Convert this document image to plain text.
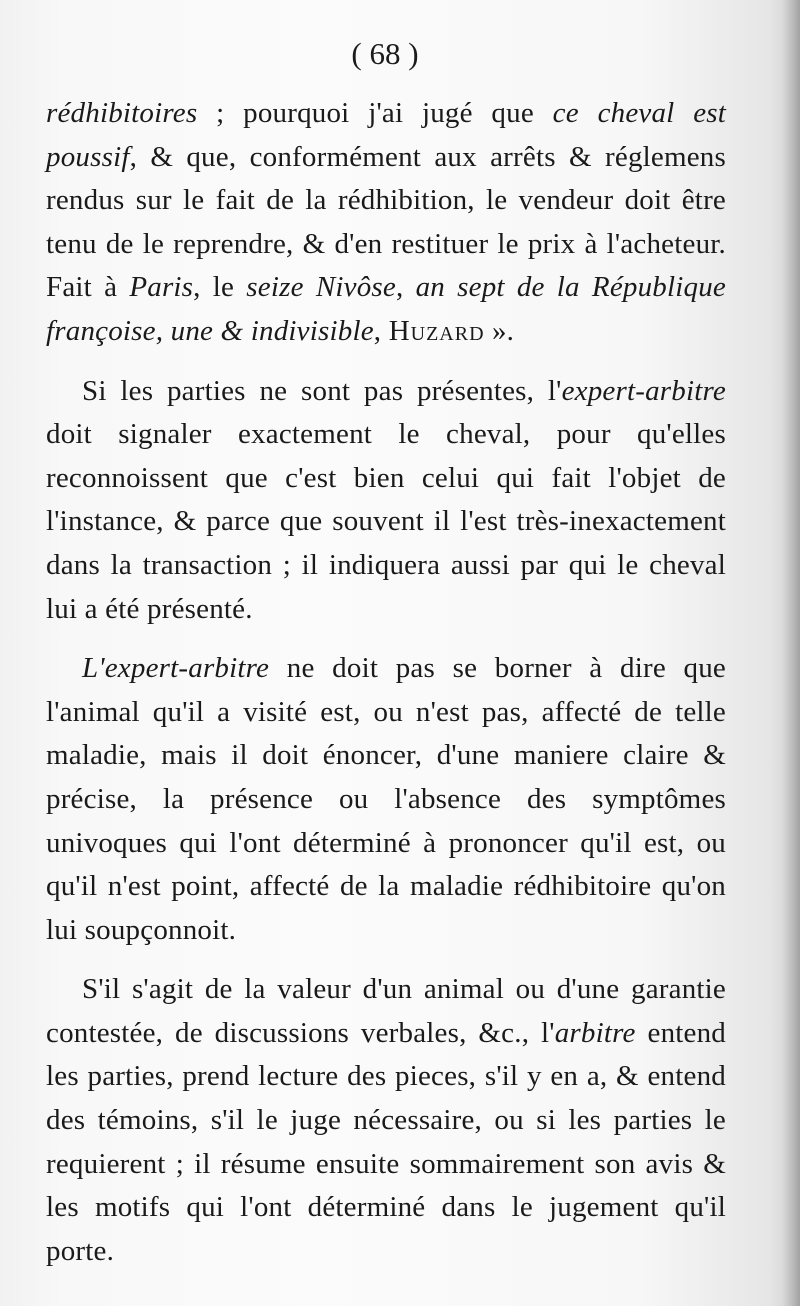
( 68 )

rédhibitoires ; pourquoi j'ai jugé que ce cheval est poussif, & que, conformément aux arrêts & réglemens rendus sur le fait de la rédhibition, le vendeur doit être tenu de le reprendre, & d'en restituer le prix à l'acheteur. Fait à Paris, le seize Nivôse, an sept de la République françoise, une & indivisible, Huzard ».

Si les parties ne sont pas présentes, l'expert-arbitre doit signaler exactement le cheval, pour qu'elles reconnoissent que c'est bien celui qui fait l'objet de l'instance, & parce que souvent il l'est très-inexactement dans la transaction ; il indiquera aussi par qui le cheval lui a été présenté.

L'expert-arbitre ne doit pas se borner à dire que l'animal qu'il a visité est, ou n'est pas, affecté de telle maladie, mais il doit énoncer, d'une maniere claire & précise, la présence ou l'absence des symptômes univoques qui l'ont déterminé à prononcer qu'il est, ou qu'il n'est point, affecté de la maladie rédhibitoire qu'on lui soupçonnoit.

S'il s'agit de la valeur d'un animal ou d'une garantie contestée, de discussions verbales, &c., l'arbitre entend les parties, prend lecture des pieces, s'il y en a, & entend des témoins, s'il le juge nécessaire, ou si les parties le requierent ; il résume ensuite sommairement son avis & les motifs qui l'ont déterminé dans le jugement qu'il porte.
